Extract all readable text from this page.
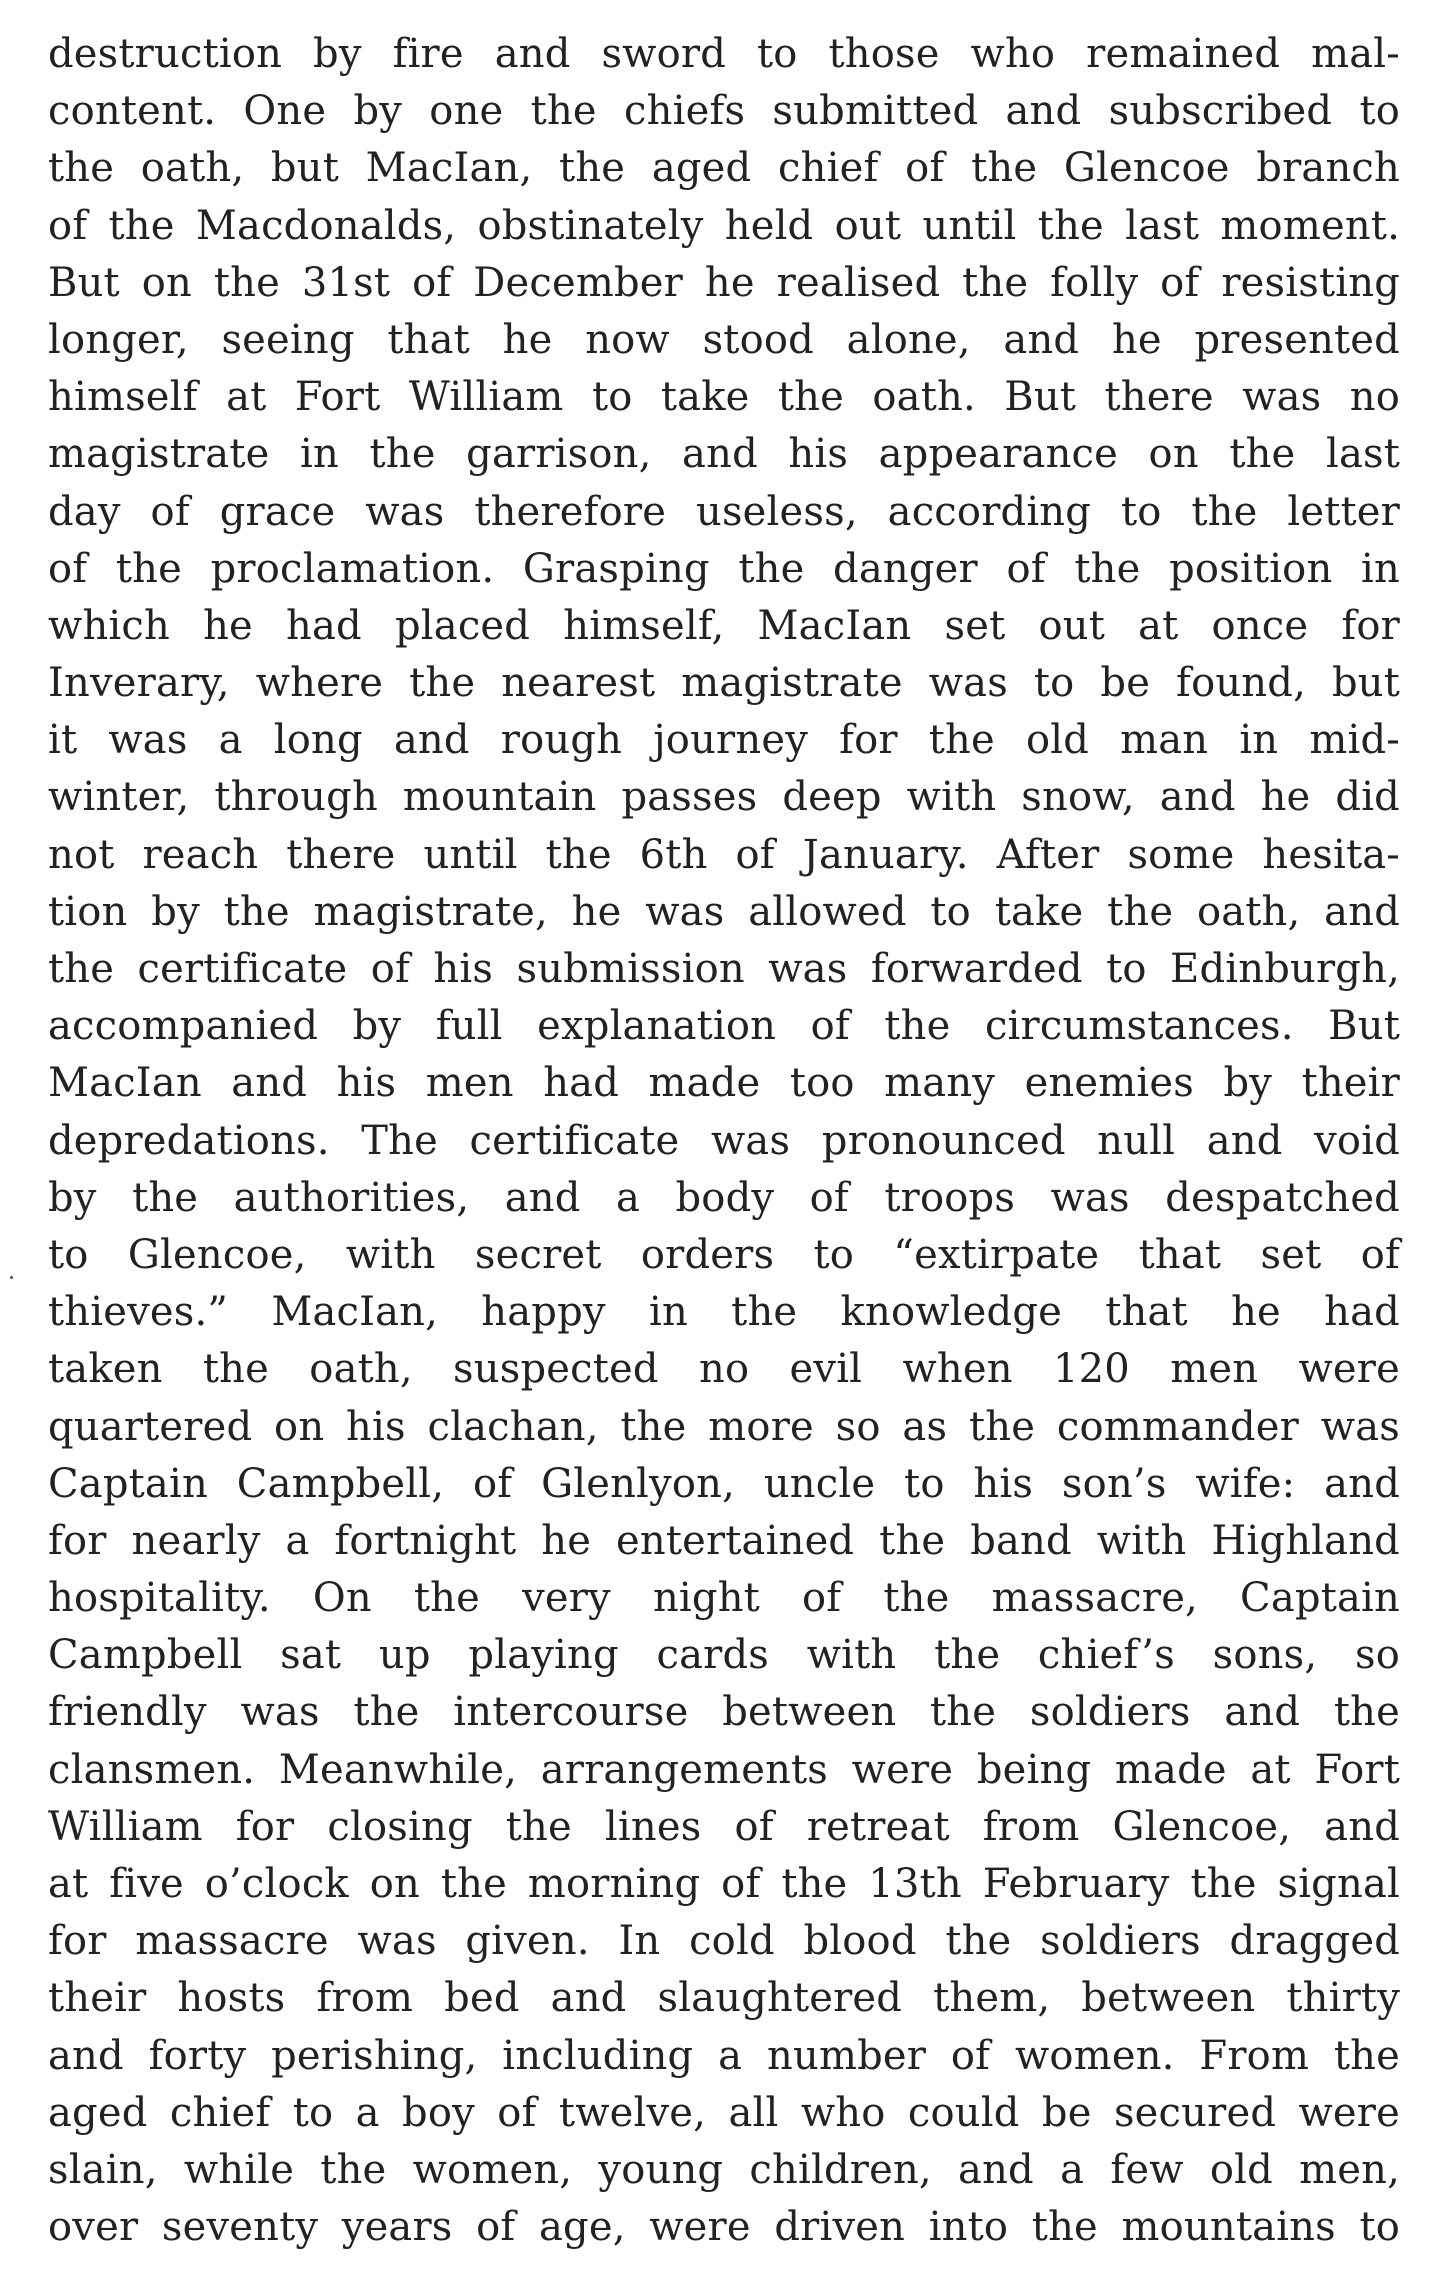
destruction by fire and sword to those who remained mal-
content. One by one the chiefs submitted and subscribed to
the oath, but MacIan, the aged chief of the Glencoe branch
of the Macdonalds, obstinately held out until the last moment.
But on the 31st of December he realised the folly of resisting
longer, seeing that he now stood alone, and he presented
himself at Fort William to take the oath. But there was no
magistrate in the garrison, and his appearance on the last
day of grace was therefore useless, according to the letter
of the proclamation. Grasping the danger of the position in
which he had placed himself, MacIan set out at once for
Inverary, where the nearest magistrate was to be found, but
it was a long and rough journey for the old man in mid-
winter, through mountain passes deep with snow, and he did
not reach there until the 6th of January. After some hesita-
tion by the magistrate, he was allowed to take the oath, and
the certificate of his submission was forwarded to Edinburgh,
accompanied by full explanation of the circumstances. But
MacIan and his men had made too many enemies by their
depredations. The certificate was pronounced null and void
by the authorities, and a body of troops was despatched
to Glencoe, with secret orders to “extirpate that set of
thieves.” MacIan, happy in the knowledge that he had
taken the oath, suspected no evil when 120 men were
quartered on his clachan, the more so as the commander was
Captain Campbell, of Glenlyon, uncle to his son’s wife: and
for nearly a fortnight he entertained the band with Highland
hospitality. On the very night of the massacre, Captain
Campbell sat up playing cards with the chief’s sons, so
friendly was the intercourse between the soldiers and the
clansmen. Meanwhile, arrangements were being made at Fort
William for closing the lines of retreat from Glencoe, and
at five o’clock on the morning of the 13th February the signal
for massacre was given. In cold blood the soldiers dragged
their hosts from bed and slaughtered them, between thirty
and forty perishing, including a number of women. From the
aged chief to a boy of twelve, all who could be secured were
slain, while the women, young children, and a few old men,
over seventy years of age, were driven into the mountains to
